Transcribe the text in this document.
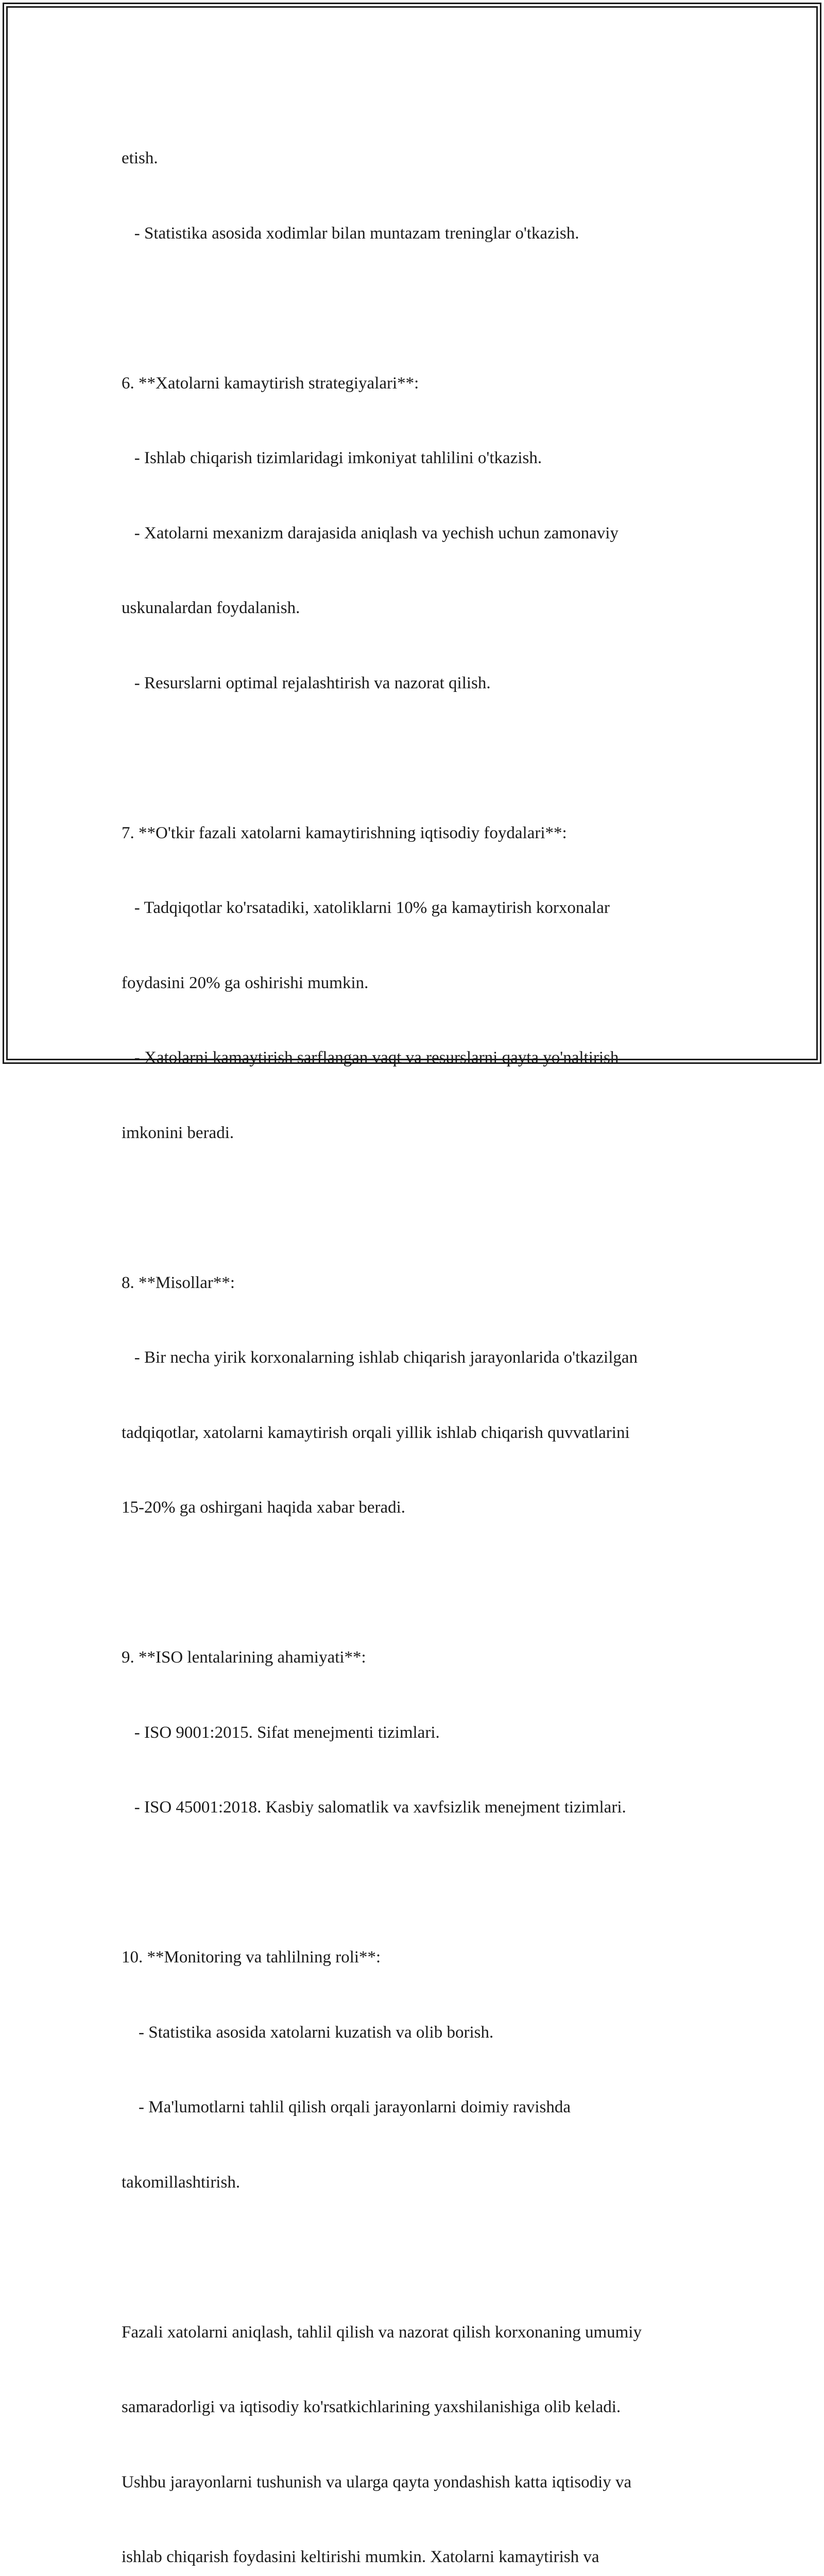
etish.

- Statistika asosida xodimlar bilan muntazam treninglar o'tkazish.

6. **Xatolarni kamaytirish strategiyalari**:

- Ishlab chiqarish tizimlaridagi imkoniyat tahlilini o'tkazish.

- Xatolarni mexanizm darajasida aniqlash va yechish uchun zamonaviy

uskunalardan foydalanish.

- Resurslarni optimal rejalashtirish va nazorat qilish.

7. **O'tkir fazali xatolarni kamaytirishning iqtisodiy foydalari**:

- Tadqiqotlar ko'rsatadiki, xatoliklarni 10% ga kamaytirish korxonalar

foydasini 20% ga oshirishi mumkin.

- Xatolarni kamaytirish sarflangan vaqt va resurslarni qayta yo'naltirish

imkonini beradi.

8. **Misollar**:

- Bir necha yirik korxonalarning ishlab chiqarish jarayonlarida o'tkazilgan

tadqiqotlar, xatolarni kamaytirish orqali yillik ishlab chiqarish quvvatlarini

15-20% ga oshirgani haqida xabar beradi.

9. **ISO lentalarining ahamiyati**:

- ISO 9001:2015. Sifat menejmenti tizimlari.

- ISO 45001:2018. Kasbiy salomatlik va xavfsizlik menejment tizimlari.

10. **Monitoring va tahlilning roli**:

- Statistika asosida xatolarni kuzatish va olib borish.

- Ma'lumotlarni tahlil qilish orqali jarayonlarni doimiy ravishda

takomillashtirish.

Fazali xatolarni aniqlash, tahlil qilish va nazorat qilish korxonaning umumiy

samaradorligi va iqtisodiy ko'rsatkichlarining yaxshilanishiga olib keladi.

Ushbu jarayonlarni tushunish va ularga qayta yondashish katta iqtisodiy va

ishlab chiqarish foydasini keltirishi mumkin. Xatolarni kamaytirish va
